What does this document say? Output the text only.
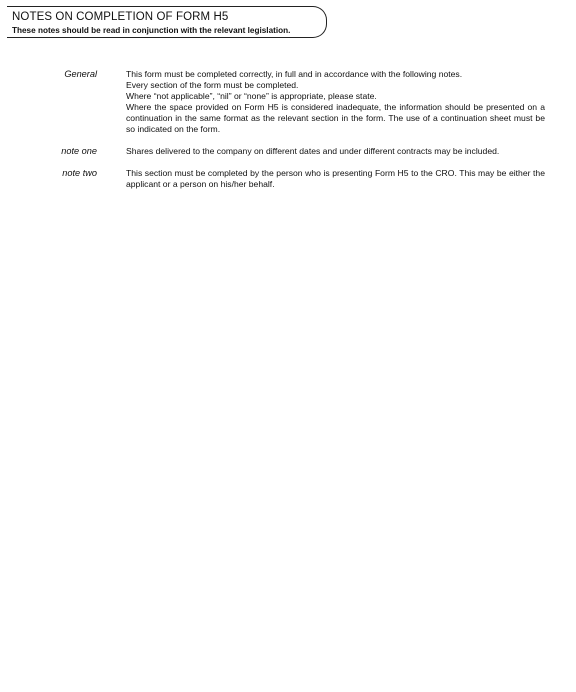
NOTES ON COMPLETION OF FORM H5
These notes should be read in conjunction with the relevant legislation.
General	This form must be completed correctly, in full and in accordance with the following notes.
Every section of the form must be completed.
Where “not applicable”, “nil” or “none” is appropriate, please state.
Where the space provided on Form H5 is considered inadequate, the information should be presented on a continuation in the same format as the relevant section in the form. The use of a continuation sheet must be so indicated on the form.
note one	Shares delivered to the company on different dates and under different contracts may be included.
note two	This section must be completed by the person who is presenting Form H5 to the CRO. This may be either the applicant or a person on his/her behalf.
